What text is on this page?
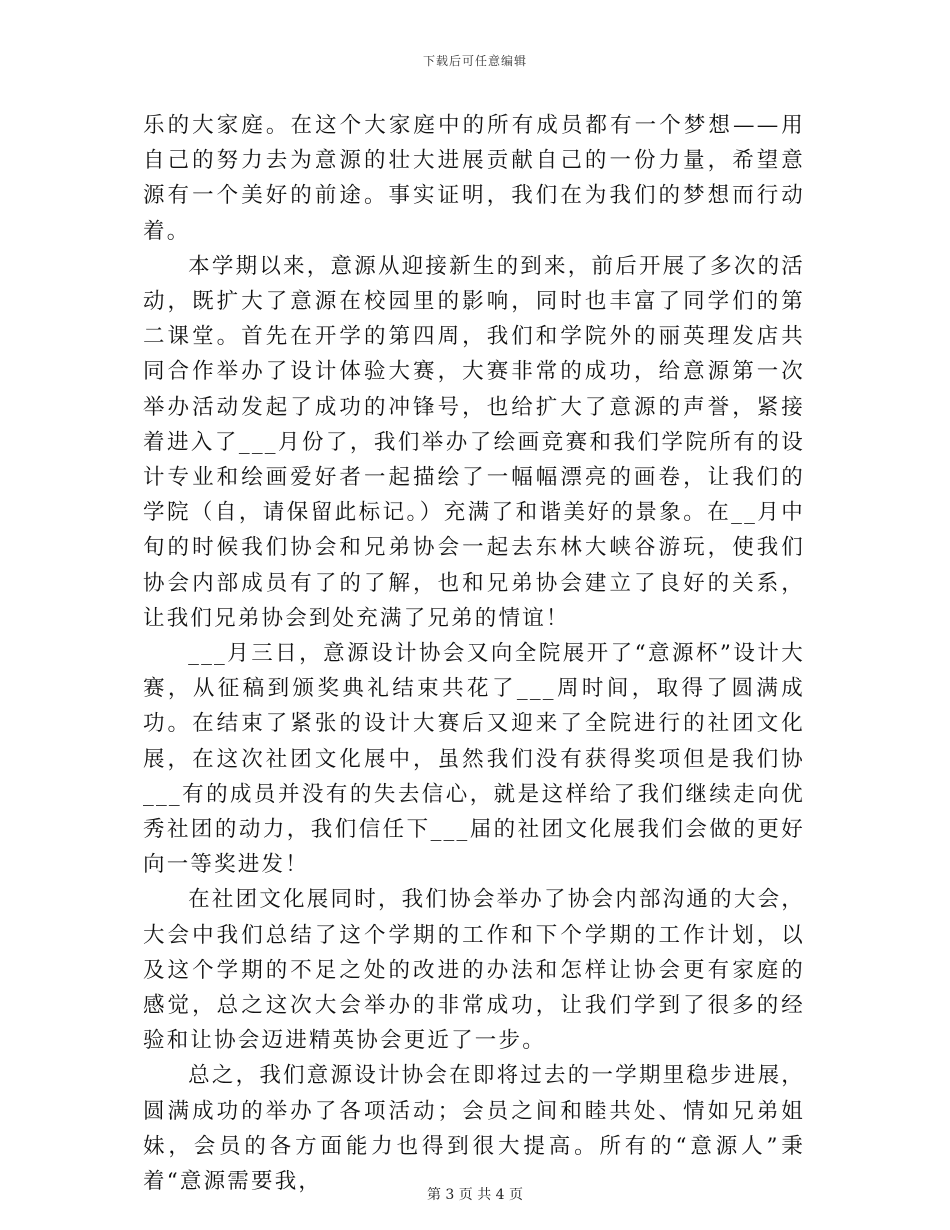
下载后可任意编辑

乐的大家庭。在这个大家庭中的所有成员都有一个梦想——用自己的努力去为意源的壮大进展贡献自己的一份力量，希望意源有一个美好的前途。事实证明，我们在为我们的梦想而行动着。

本学期以来，意源从迎接新生的到来，前后开展了多次的活动，既扩大了意源在校园里的影响，同时也丰富了同学们的第二课堂。首先在开学的第四周，我们和学院外的丽英理发店共同合作举办了设计体验大赛，大赛非常的成功，给意源第一次举办活动发起了成功的冲锋号，也给扩大了意源的声誉，紧接着进入了___月份了，我们举办了绘画竞赛和我们学院所有的设计专业和绘画爱好者一起描绘了一幅幅漂亮的画卷，让我们的学院（自，请保留此标记。）充满了和谐美好的景象。在__月中旬的时候我们协会和兄弟协会一起去东林大峡谷游玩，使我们协会内部成员有了的了解，也和兄弟协会建立了良好的关系，让我们兄弟协会到处充满了兄弟的情谊！

___月三日，意源设计协会又向全院展开了“意源杯”设计大赛，从征稿到颁奖典礼结束共花了___周时间，取得了圆满成功。在结束了紧张的设计大赛后又迎来了全院进行的社团文化展，在这次社团文化展中，虽然我们没有获得奖项但是我们协___有的成员并没有的失去信心，就是这样给了我们继续走向优秀社团的动力，我们信任下___届的社团文化展我们会做的更好向一等奖进发！

在社团文化展同时，我们协会举办了协会内部沟通的大会，大会中我们总结了这个学期的工作和下个学期的工作计划，以及这个学期的不足之处的改进的办法和怎样让协会更有家庭的感觉，总之这次大会举办的非常成功，让我们学到了很多的经验和让协会迈进精英协会更近了一步。

总之，我们意源设计协会在即将过去的一学期里稳步进展，圆满成功的举办了各项活动；会员之间和睦共处、情如兄弟姐妹，会员的各方面能力也得到很大提高。所有的“意源人”秉着“意源需要我，

第 3 页 共 4 页
